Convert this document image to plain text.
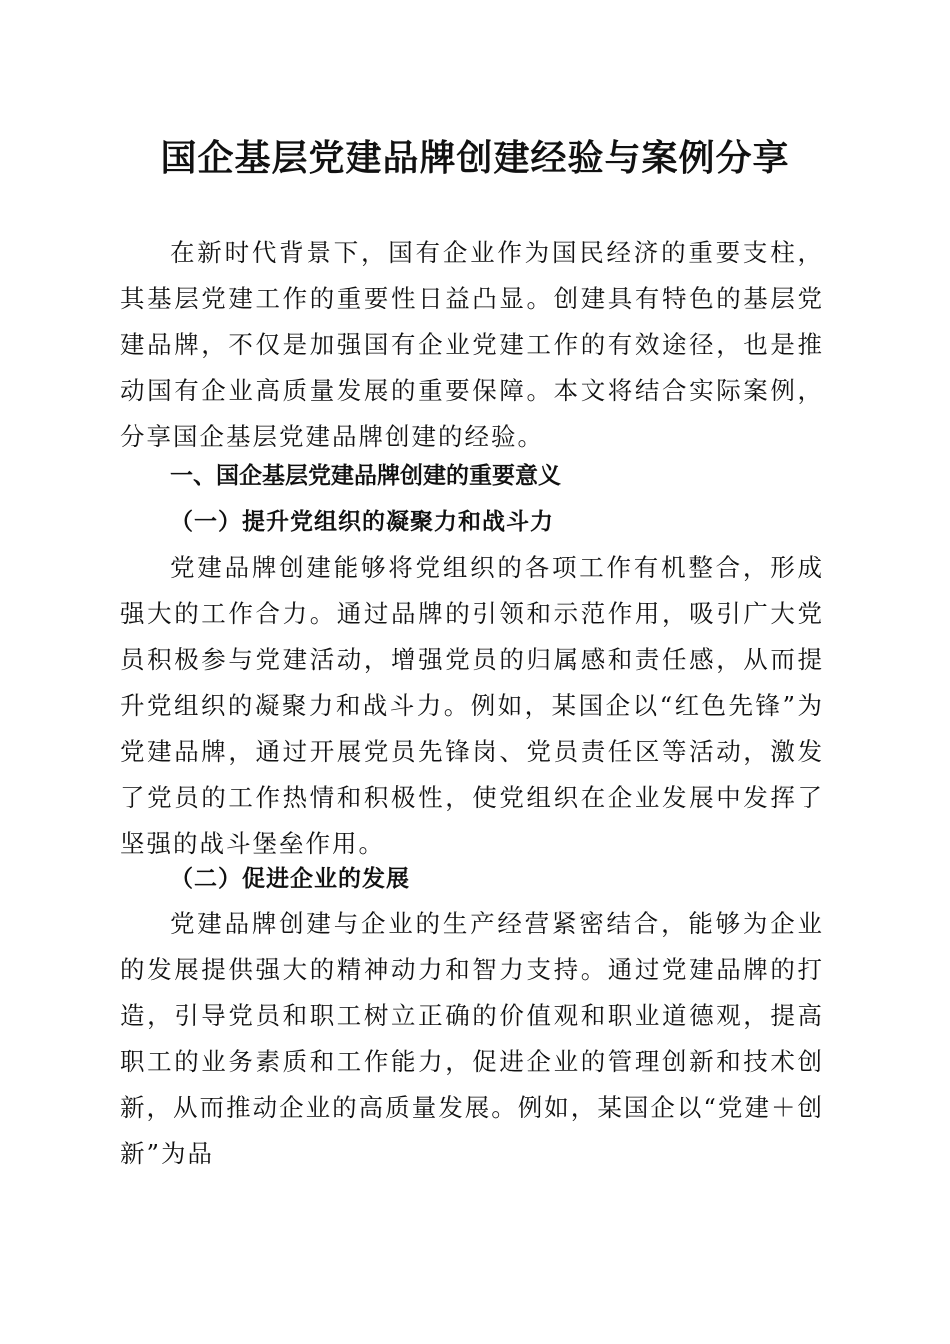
国企基层党建品牌创建经验与案例分享

在新时代背景下，国有企业作为国民经济的重要支柱，其基层党建工作的重要性日益凸显。创建具有特色的基层党建品牌，不仅是加强国有企业党建工作的有效途径，也是推动国有企业高质量发展的重要保障。本文将结合实际案例，分享国企基层党建品牌创建的经验。

一、国企基层党建品牌创建的重要意义
（一）提升党组织的凝聚力和战斗力

党建品牌创建能够将党组织的各项工作有机整合，形成强大的工作合力。通过品牌的引领和示范作用，吸引广大党员积极参与党建活动，增强党员的归属感和责任感，从而提升党组织的凝聚力和战斗力。例如，某国企以“红色先锋”为党建品牌，通过开展党员先锋岗、党员责任区等活动，激发了党员的工作热情和积极性，使党组织在企业发展中发挥了坚强的战斗堡垒作用。

（二）促进企业的发展

党建品牌创建与企业的生产经营紧密结合，能够为企业的发展提供强大的精神动力和智力支持。通过党建品牌的打造，引导党员和职工树立正确的价值观和职业道德观，提高职工的业务素质和工作能力，促进企业的管理创新和技术创新，从而推动企业的高质量发展。例如，某国企以“党建＋创新”为品
